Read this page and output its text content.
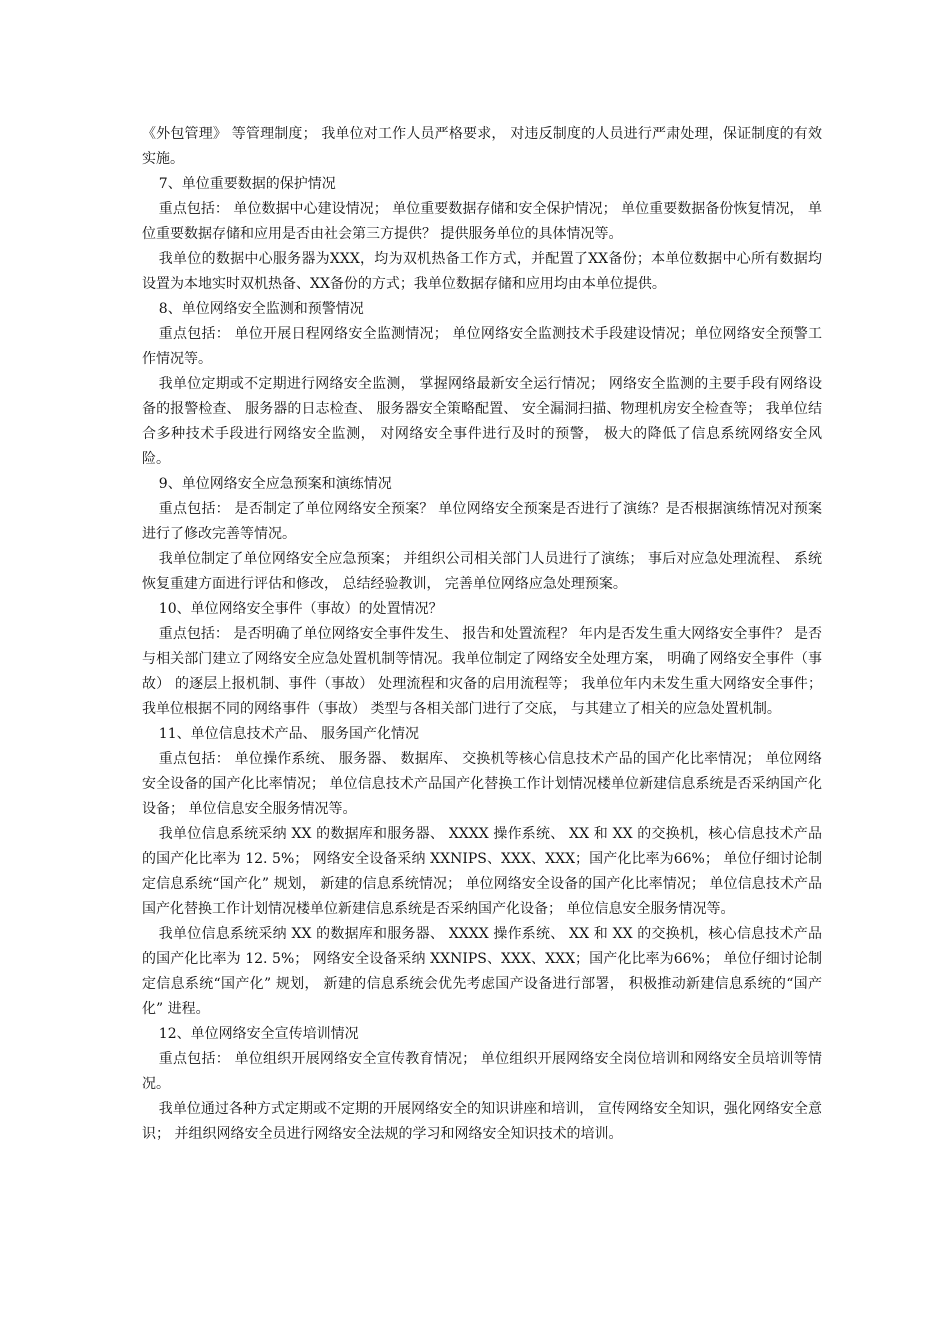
《外包管理》 等管理制度； 我单位对工作人员严格要求， 对违反制度的人员进行严肃处理，保证制度的有效实施。

7、单位重要数据的保护情况

重点包括： 单位数据中心建设情况； 单位重要数据存储和安全保护情况； 单位重要数据备份恢复情况， 单位重要数据存储和应用是否由社会第三方提供？ 提供服务单位的具体情况等。

我单位的数据中心服务器为XXX，均为双机热备工作方式，并配置了XX备份；本单位数据中心所有数据均设置为本地实时双机热备、XX备份的方式；我单位数据存储和应用均由本单位提供。

8、单位网络安全监测和预警情况

重点包括： 单位开展日程网络安全监测情况； 单位网络安全监测技术手段建设情况；单位网络安全预警工作情况等。

我单位定期或不定期进行网络安全监测， 掌握网络最新安全运行情况； 网络安全监测的主要手段有网络设备的报警检查、 服务器的日志检查、 服务器安全策略配置、 安全漏洞扫描、物理机房安全检查等； 我单位结合多种技术手段进行网络安全监测， 对网络安全事件进行及时的预警， 极大的降低了信息系统网络安全风险。

9、单位网络安全应急预案和演练情况

重点包括： 是否制定了单位网络安全预案？ 单位网络安全预案是否进行了演练？是否根据演练情况对预案进行了修改完善等情况。

我单位制定了单位网络安全应急预案； 并组织公司相关部门人员进行了演练； 事后对应急处理流程、 系统恢复重建方面进行评估和修改， 总结经验教训， 完善单位网络应急处理预案。

10、单位网络安全事件（事故）的处置情况？

重点包括： 是否明确了单位网络安全事件发生、 报告和处置流程？ 年内是否发生重大网络安全事件？ 是否与相关部门建立了网络安全应急处置机制等情况。我单位制定了网络安全处理方案， 明确了网络安全事件（事故） 的逐层上报机制、事件（事故） 处理流程和灾备的启用流程等； 我单位年内未发生重大网络安全事件； 我单位根据不同的网络事件（事故） 类型与各相关部门进行了交底， 与其建立了相关的应急处置机制。

11、单位信息技术产品、 服务国产化情况

重点包括： 单位操作系统、 服务器、 数据库、 交换机等核心信息技术产品的国产化比率情况； 单位网络安全设备的国产化比率情况； 单位信息技术产品国产化替换工作计划情况楼单位新建信息系统是否采纳国产化设备； 单位信息安全服务情况等。

我单位信息系统采纳 XX 的数据库和服务器、 XXXX 操作系统、 XX 和 XX 的交换机，核心信息技术产品的国产化比率为 12. 5%； 网络安全设备采纳 XXNIPS、XXX、XXX；国产化比率为66%； 单位仔细讨论制定信息系统“国产化” 规划， 新建的信息系统情况； 单位网络安全设备的国产化比率情况； 单位信息技术产品国产化替换工作计划情况楼单位新建信息系统是否采纳国产化设备； 单位信息安全服务情况等。

我单位信息系统采纳 XX 的数据库和服务器、 XXXX 操作系统、 XX 和 XX 的交换机，核心信息技术产品的国产化比率为 12. 5%； 网络安全设备采纳 XXNIPS、XXX、XXX；国产化比率为66%； 单位仔细讨论制定信息系统“国产化” 规划， 新建的信息系统会优先考虑国产设备进行部署， 积极推动新建信息系统的“国产化” 进程。

12、单位网络安全宣传培训情况

重点包括： 单位组织开展网络安全宣传教育情况； 单位组织开展网络安全岗位培训和网络安全员培训等情况。

我单位通过各种方式定期或不定期的开展网络安全的知识讲座和培训， 宣传网络安全知识，强化网络安全意识； 并组织网络安全员进行网络安全法规的学习和网络安全知识技术的培训。
